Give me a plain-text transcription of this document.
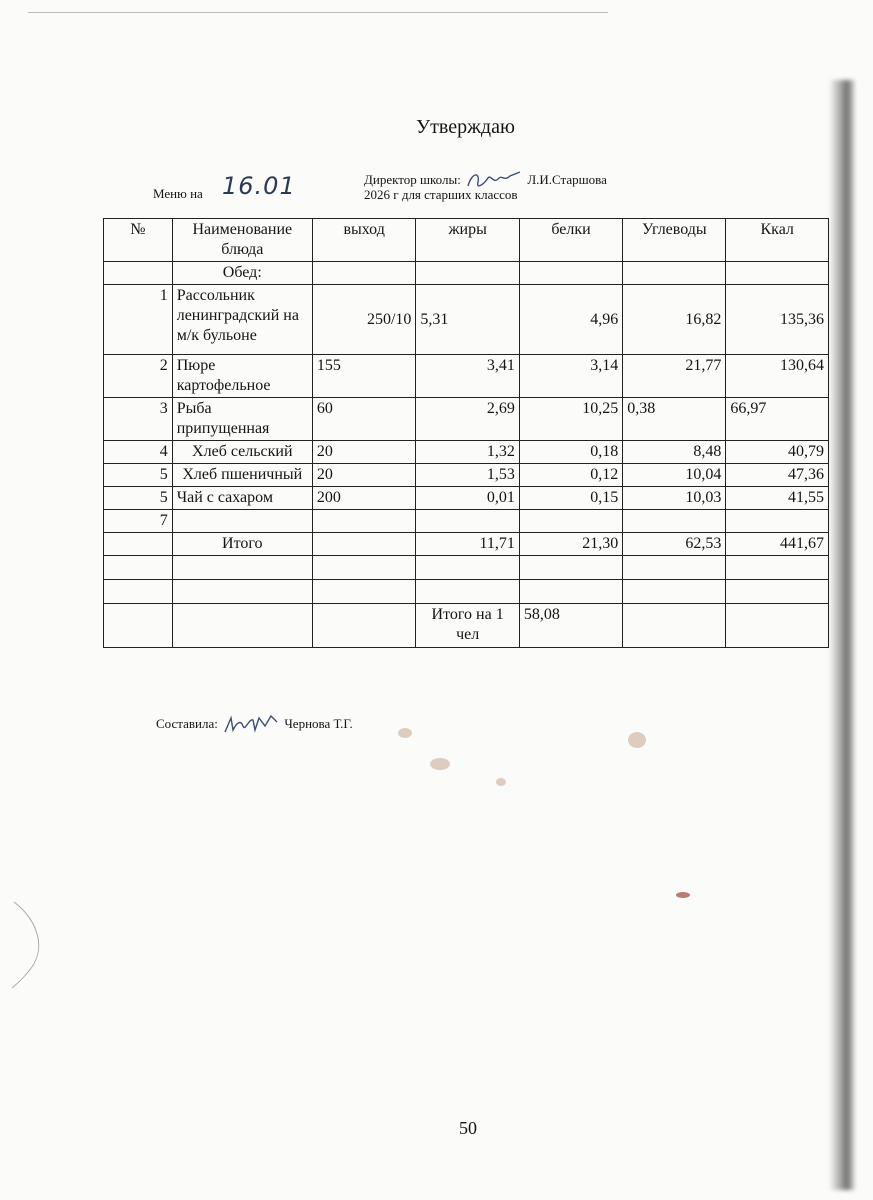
Утверждаю
Директор школы:	Л.И.Старшова
2026 г для старших классов
Меню на 16.01
№	Наименование блюда	выход	жиры	белки	Углеводы	Ккал
	Обед:					
1	Рассольник ленинградский на м/к бульоне	250/10	5,31	4,96	16,82	135,36
2	Пюре картофельное	155	3,41	3,14	21,77	130,64
3	Рыба припущенная	60	2,69	10,25	0,38	66,97
4	Хлеб сельский	20	1,32	0,18	8,48	40,79
5	Хлеб пшеничный	20	1,53	0,12	10,04	47,36
5	Чай с сахаром	200	0,01	0,15	10,03	41,55
7						
	Итого		11,71	21,30	62,53	441,67

			Итого на 1 чел	58,08		
Составила:	Чернова Т.Г.
50
